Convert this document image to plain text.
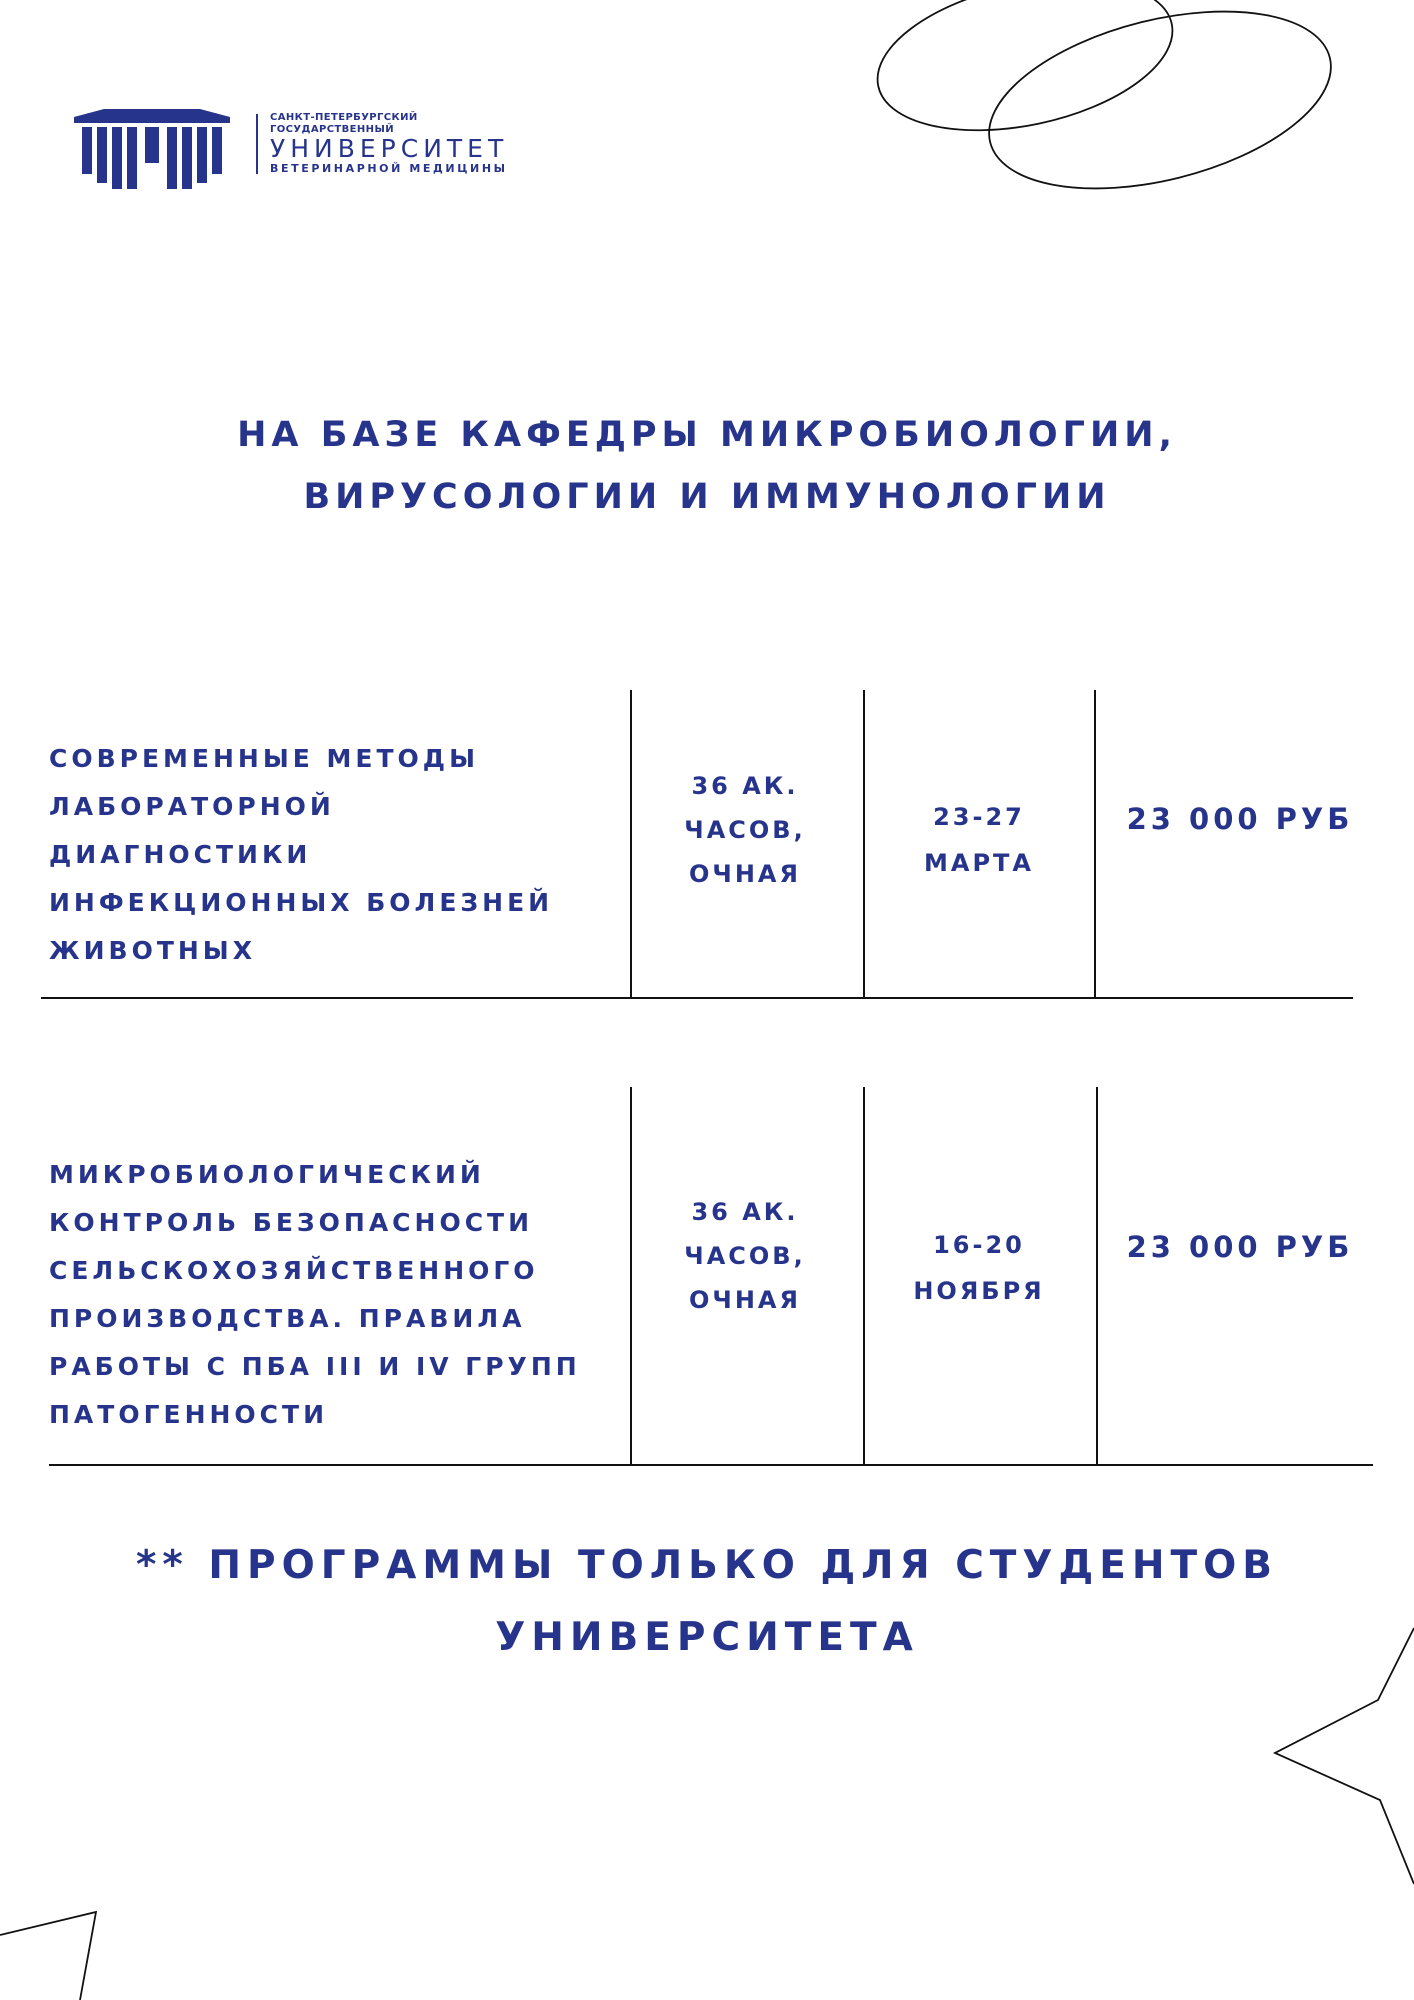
САНКТ-ПЕТЕРБУРГСКИЙ ГОСУДАРСТВЕННЫЙ
УНИВЕРСИТЕТ
ВЕТЕРИНАРНОЙ МЕДИЦИНЫ
НА БАЗЕ КАФЕДРЫ МИКРОБИОЛОГИИ,
ВИРУСОЛОГИИ И ИММУНОЛОГИИ
СОВРЕМЕННЫЕ МЕТОДЫ
ЛАБОРАТОРНОЙ
ДИАГНОСТИКИ
ИНФЕКЦИОННЫХ БОЛЕЗНЕЙ
ЖИВОТНЫХ
36 АК.
ЧАСОВ,
ОЧНАЯ
23-27
МАРТА
23 000 РУБ
МИКРОБИОЛОГИЧЕСКИЙ
КОНТРОЛЬ БЕЗОПАСНОСТИ
СЕЛЬСКОХОЗЯЙСТВЕННОГО
ПРОИЗВОДСТВА. ПРАВИЛА
РАБОТЫ С ПБА III И IV ГРУПП
ПАТОГЕННОСТИ
36 АК.
ЧАСОВ,
ОЧНАЯ
16-20
НОЯБРЯ
23 000 РУБ
** ПРОГРАММЫ ТОЛЬКО ДЛЯ СТУДЕНТОВ
УНИВЕРСИТЕТА
